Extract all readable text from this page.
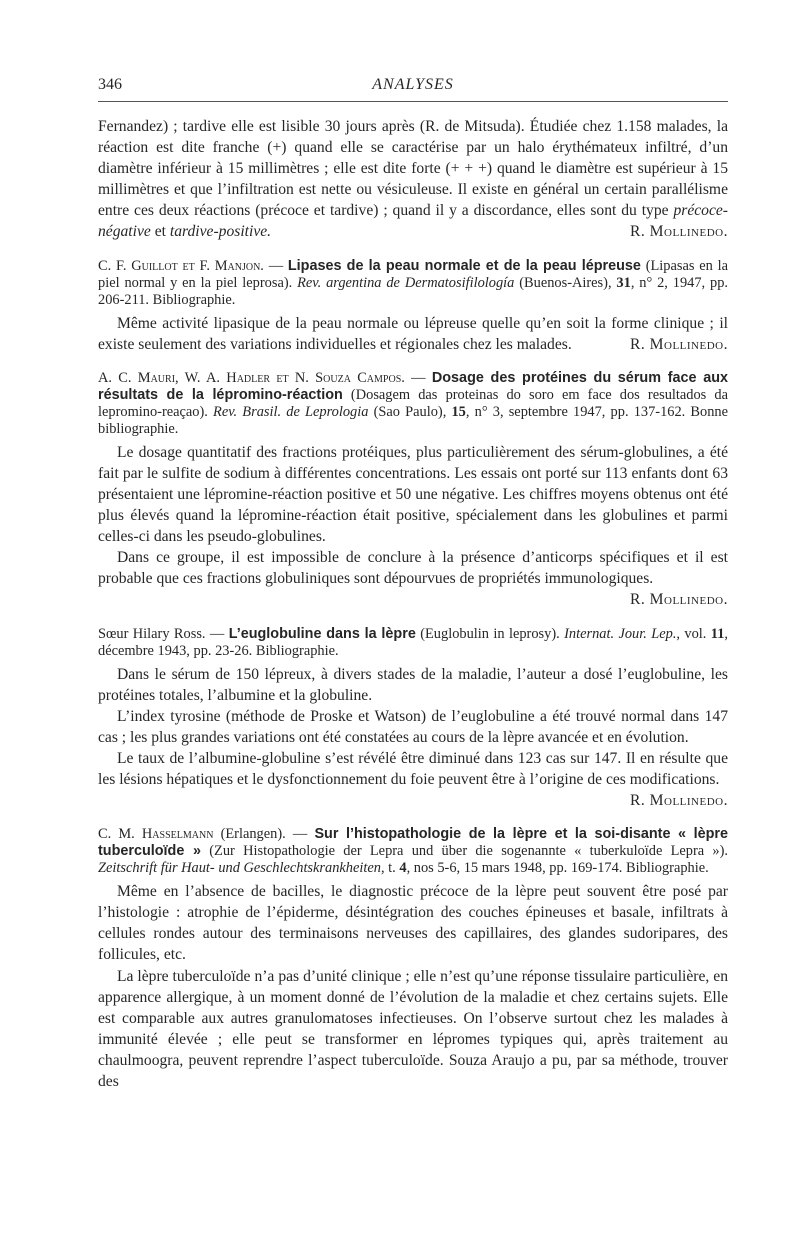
346	ANALYSES

Fernandez) ; tardive elle est lisible 30 jours après (R. de Mitsuda). Étudiée chez 1.158 malades, la réaction est dite franche (+) quand elle se caractérise par un halo érythémateux infiltré, d’un diamètre inférieur à 15 millimètres ; elle est dite forte (+ + +) quand le diamètre est supérieur à 15 millimètres et que l’infiltration est nette ou vésiculeuse. Il existe en général un certain parallélisme entre ces deux réactions (précoce et tardive) ; quand il y a discordance, elles sont du type précoce-négative et tardive-positive.	R. Mollinedo.

C. F. Guillot et F. Manjon. — Lipases de la peau normale et de la peau lépreuse (Lipasas en la piel normal y en la piel leprosa). Rev. argentina de Dermatosifilología (Buenos-Aires), 31, n° 2, 1947, pp. 206-211. Bibliographie.

Même activité lipasique de la peau normale ou lépreuse quelle qu’en soit la forme clinique ; il existe seulement des variations individuelles et régionales chez les malades.	R. Mollinedo.

A. C. Mauri, W. A. Hadler et N. Souza Campos. — Dosage des protéines du sérum face aux résultats de la lépromino-réaction (Dosagem das proteinas do soro em face dos resultados da lepromino-reaçao). Rev. Brasil. de Leprologia (Sao Paulo), 15, n° 3, septembre 1947, pp. 137-162. Bonne bibliographie.

Le dosage quantitatif des fractions protéiques, plus particulièrement des sérum-globulines, a été fait par le sulfite de sodium à différentes concentrations. Les essais ont porté sur 113 enfants dont 63 présentaient une lépromine-réaction positive et 50 une négative. Les chiffres moyens obtenus ont été plus élevés quand la lépromine-réaction était positive, spécialement dans les globulines et parmi celles-ci dans les pseudo-globulines.

Dans ce groupe, il est impossible de conclure à la présence d’anticorps spécifiques et il est probable que ces fractions globuliniques sont dépourvues de propriétés immunologiques.
R. Mollinedo.

Sœur Hilary Ross. — L’euglobuline dans la lèpre (Euglobulin in leprosy). Internat. Jour. Lep., vol. 11, décembre 1943, pp. 23-26. Bibliographie.

Dans le sérum de 150 lépreux, à divers stades de la maladie, l’auteur a dosé l’euglobuline, les protéines totales, l’albumine et la globuline.

L’index tyrosine (méthode de Proske et Watson) de l’euglobuline a été trouvé normal dans 147 cas ; les plus grandes variations ont été constatées au cours de la lèpre avancée et en évolution.

Le taux de l’albumine-globuline s’est révélé être diminué dans 123 cas sur 147. Il en résulte que les lésions hépatiques et le dysfonctionnement du foie peuvent être à l’origine de ces modifications.
R. Mollinedo.

C. M. Hasselmann (Erlangen). — Sur l’histopathologie de la lèpre et la soi-disante « lèpre tuberculoïde » (Zur Histopathologie der Lepra und über die sogenannte « tuberkuloïde Lepra »). Zeitschrift für Haut- und Geschlechtskrankheiten, t. 4, nos 5-6, 15 mars 1948, pp. 169-174. Bibliographie.

Même en l’absence de bacilles, le diagnostic précoce de la lèpre peut souvent être posé par l’histologie : atrophie de l’épiderme, désintégration des couches épineuses et basale, infiltrats à cellules rondes autour des terminaisons nerveuses des capillaires, des glandes sudoripares, des follicules, etc.

La lèpre tuberculoïde n’a pas d’unité clinique ; elle n’est qu’une réponse tissulaire particulière, en apparence allergique, à un moment donné de l’évolution de la maladie et chez certains sujets. Elle est comparable aux autres granulomatoses infectieuses. On l’observe surtout chez les malades à immunité élevée ; elle peut se transformer en lépromes typiques qui, après traitement au chaulmoogra, peuvent reprendre l’aspect tuberculoïde. Souza Araujo a pu, par sa méthode, trouver des
